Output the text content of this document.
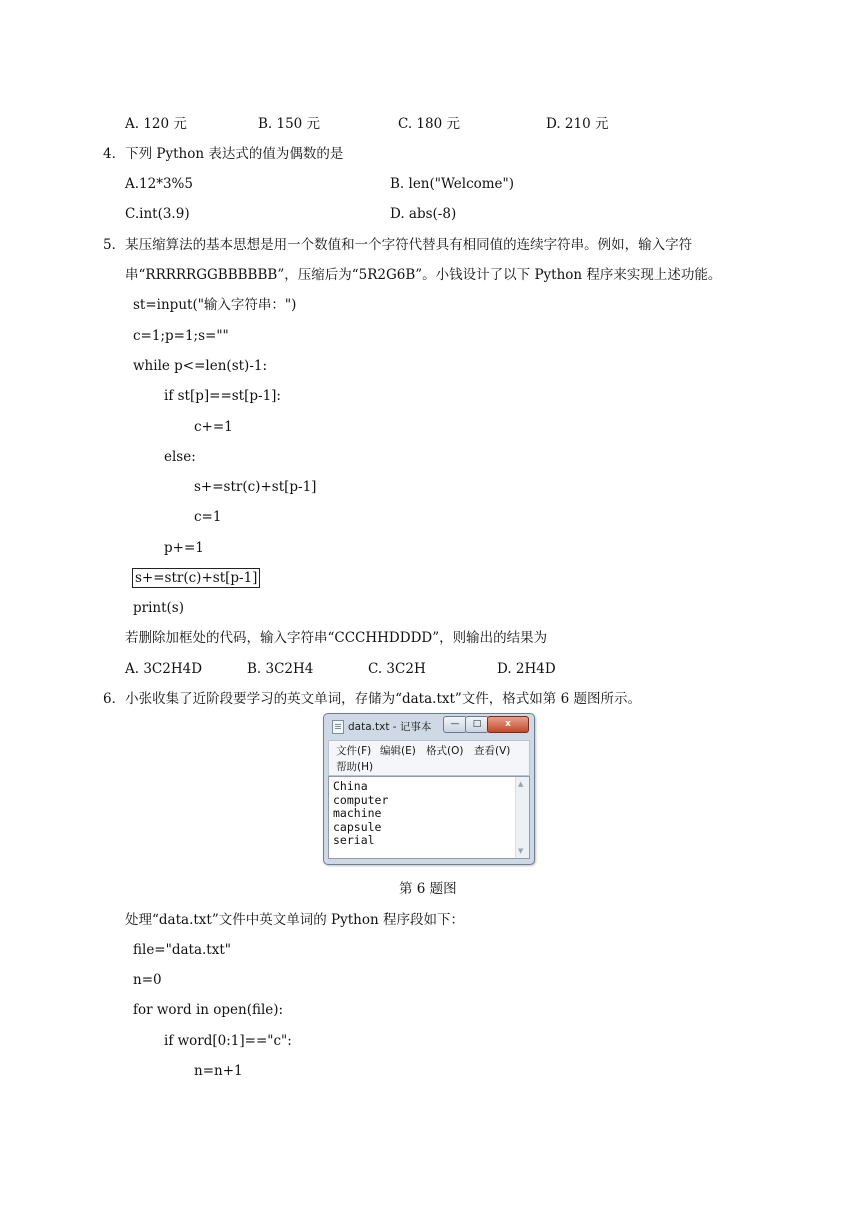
A. 120 元	B. 150 元	C. 180 元	D. 210 元
4．下列 Python 表达式的值为偶数的是
A.12*3%5	B. len("Welcome")
C.int(3.9)	D. abs(-8)
5．某压缩算法的基本思想是用一个数值和一个字符代替具有相同值的连续字符串。例如，输入字符
串“RRRRRGGBBBBBB”，压缩后为“5R2G6B”。小钱设计了以下 Python 程序来实现上述功能。
st=input("输入字符串：")
c=1;p=1;s=""
while p<=len(st)-1:
if st[p]==st[p-1]:
c+=1
else:
s+=str(c)+st[p-1]
c=1
p+=1
s+=str(c)+st[p-1]
print(s)
若删除加框处的代码，输入字符串“CCCHHDDDD”，则输出的结果为
A. 3C2H4D	B. 3C2H4	C. 3C2H	D. 2H4D
6．小张收集了近阶段要学习的英文单词，存储为“data.txt”文件，格式如第 6 题图所示。
data.txt - 记事本	—	□	x
文件(F) 编辑(E) 格式(O) 查看(V)
帮助(H)
China
computer
machine
capsule
serial
▲
▼
第 6 题图
处理“data.txt”文件中英文单词的 Python 程序段如下：
file="data.txt"
n=0
for word in open(file):
if word[0:1]=="c":
n=n+1
